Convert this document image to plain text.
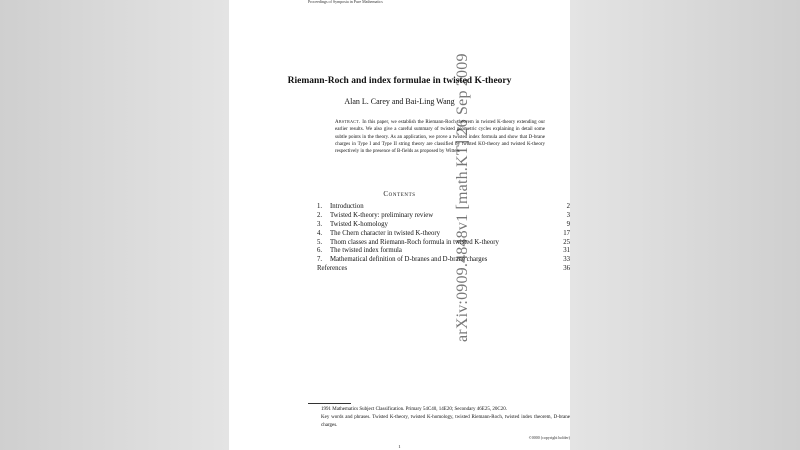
Proceedings of Symposia in Pure Mathematics
arXiv:0909.4848v1 [math.KT] 26 Sep 2009
Riemann-Roch and index formulae in twisted K-theory
Alan L. Carey and Bai-Ling Wang
Abstract. In this paper, we establish the Riemann-Roch theorem in twisted K-theory extending our earlier results. We also give a careful summary of twisted geometric cycles explaining in detail some subtle points in the theory. As an application, we prove a twisted index formula and show that D-brane charges in Type I and Type II string theory are classified by twisted KO-theory and twisted K-theory respectively in the presence of B-fields as proposed by Witten.
Contents
1.	Introduction	2
2.	Twisted K-theory: preliminary review	3
3.	Twisted K-homology	9
4.	The Chern character in twisted K-theory	17
5.	Thom classes and Riemann-Roch formula in twisted K-theory	25
6.	The twisted index formula	31
7.	Mathematical definition of D-branes and D-brane charges	33
References	36
1991 Mathematics Subject Classification. Primary 54C40, 14E20; Secondary 46E25, 20C20.
Key words and phrases. Twisted K-theory, twisted K-homology, twisted Riemann-Roch, twisted index theorem, D-brane charges.
©0000 (copyright holder)
1
